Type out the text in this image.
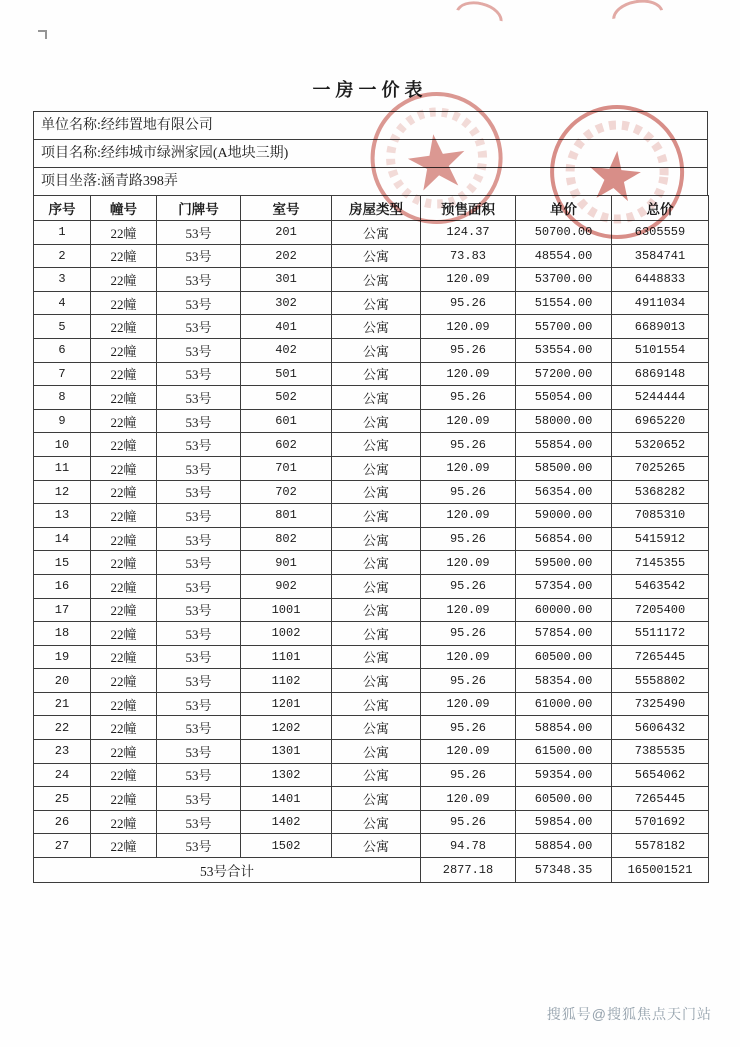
一房一价表
单位名称:经纬置地有限公司
项目名称:经纬城市绿洲家园(A地块三期)
项目坐落:涵青路398弄
序号	幢号	门牌号	室号	房屋类型	预售面积	单价	总价
1	22幢	53号	201	公寓	124.37	50700.00	6305559
2	22幢	53号	202	公寓	73.83	48554.00	3584741
3	22幢	53号	301	公寓	120.09	53700.00	6448833
4	22幢	53号	302	公寓	95.26	51554.00	4911034
5	22幢	53号	401	公寓	120.09	55700.00	6689013
6	22幢	53号	402	公寓	95.26	53554.00	5101554
7	22幢	53号	501	公寓	120.09	57200.00	6869148
8	22幢	53号	502	公寓	95.26	55054.00	5244444
9	22幢	53号	601	公寓	120.09	58000.00	6965220
10	22幢	53号	602	公寓	95.26	55854.00	5320652
11	22幢	53号	701	公寓	120.09	58500.00	7025265
12	22幢	53号	702	公寓	95.26	56354.00	5368282
13	22幢	53号	801	公寓	120.09	59000.00	7085310
14	22幢	53号	802	公寓	95.26	56854.00	5415912
15	22幢	53号	901	公寓	120.09	59500.00	7145355
16	22幢	53号	902	公寓	95.26	57354.00	5463542
17	22幢	53号	1001	公寓	120.09	60000.00	7205400
18	22幢	53号	1002	公寓	95.26	57854.00	5511172
19	22幢	53号	1101	公寓	120.09	60500.00	7265445
20	22幢	53号	1102	公寓	95.26	58354.00	5558802
21	22幢	53号	1201	公寓	120.09	61000.00	7325490
22	22幢	53号	1202	公寓	95.26	58854.00	5606432
23	22幢	53号	1301	公寓	120.09	61500.00	7385535
24	22幢	53号	1302	公寓	95.26	59354.00	5654062
25	22幢	53号	1401	公寓	120.09	60500.00	7265445
26	22幢	53号	1402	公寓	95.26	59854.00	5701692
27	22幢	53号	1502	公寓	94.78	58854.00	5578182
53号合计					2877.18	57348.35	165001521
搜狐号@搜狐焦点天门站
